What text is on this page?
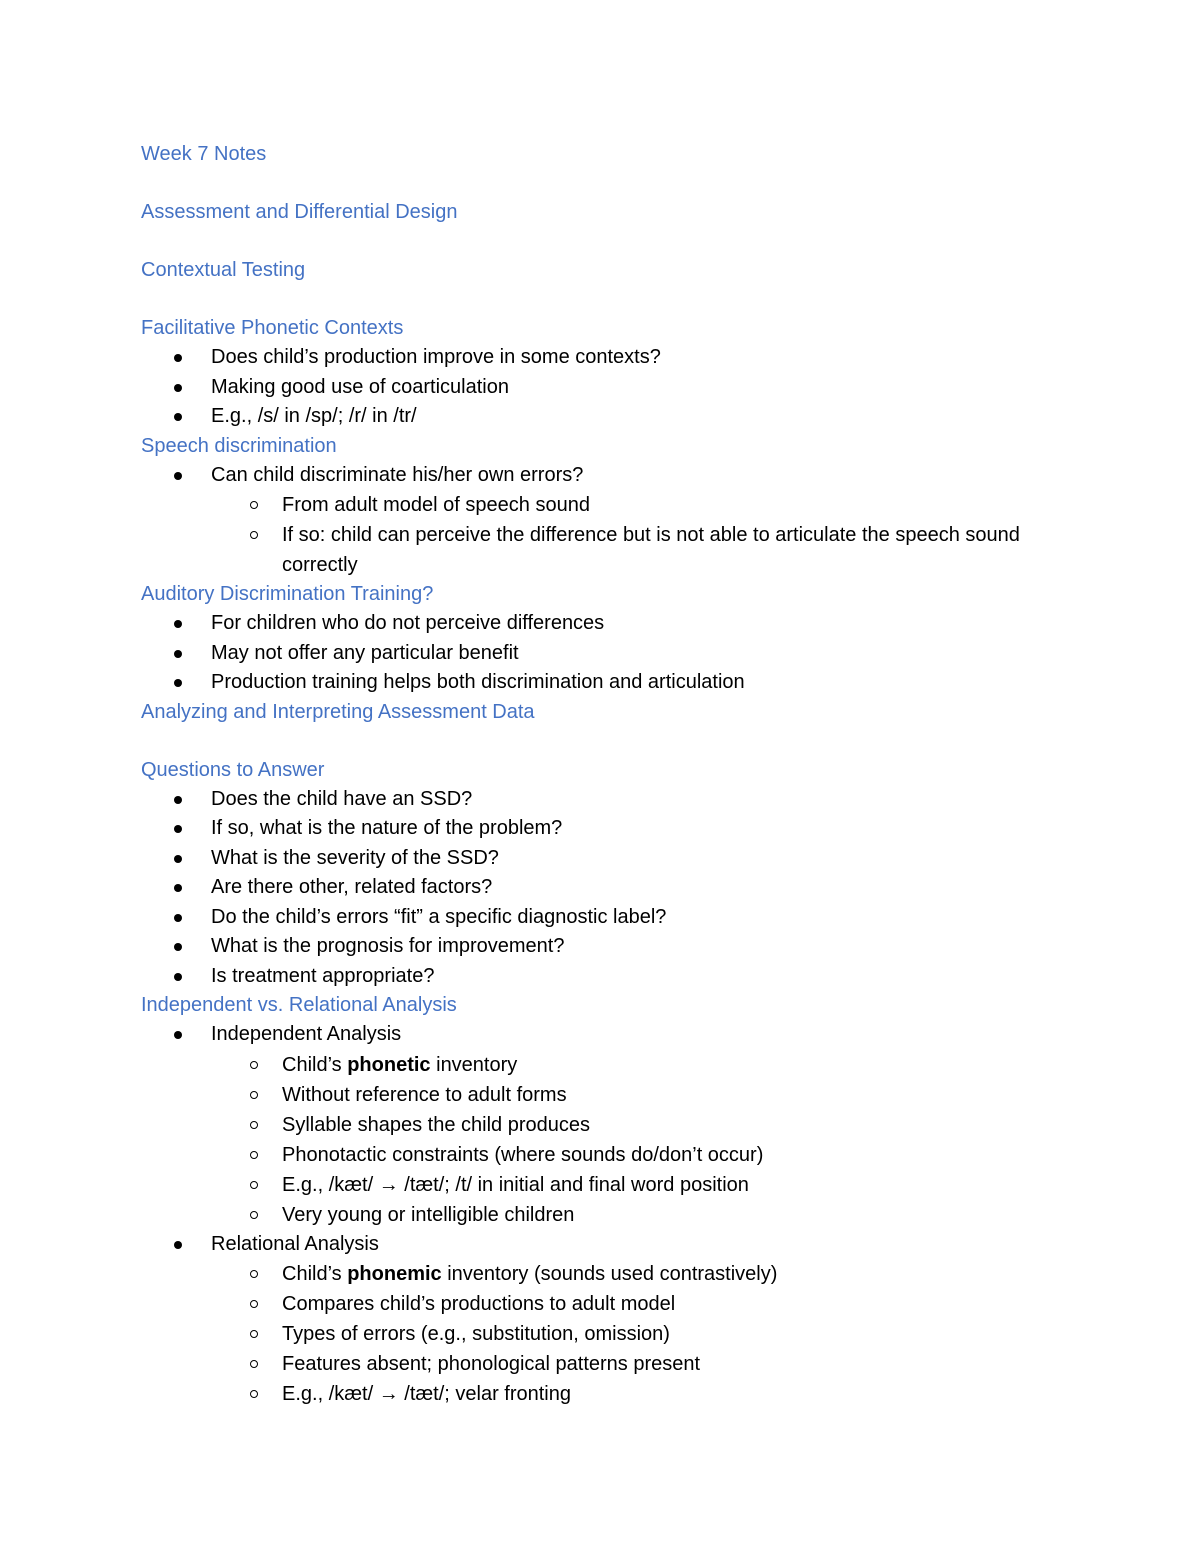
Week 7 Notes
Assessment and Differential Design
Contextual Testing
Facilitative Phonetic Contexts
Does child’s production improve in some contexts?
Making good use of coarticulation
E.g., /s/ in /sp/; /r/ in /tr/
Speech discrimination
Can child discriminate his/her own errors?
From adult model of speech sound
If so: child can perceive the difference but is not able to articulate the speech sound correctly
Auditory Discrimination Training?
For children who do not perceive differences
May not offer any particular benefit
Production training helps both discrimination and articulation
Analyzing and Interpreting Assessment Data
Questions to Answer
Does the child have an SSD?
If so, what is the nature of the problem?
What is the severity of the SSD?
Are there other, related factors?
Do the child’s errors “fit” a specific diagnostic label?
What is the prognosis for improvement?
Is treatment appropriate?
Independent vs. Relational Analysis
Independent Analysis
Child’s phonetic inventory
Without reference to adult forms
Syllable shapes the child produces
Phonotactic constraints (where sounds do/don’t occur)
E.g., /kæt/ → /tæt/; /t/ in initial and final word position
Very young or intelligible children
Relational Analysis
Child’s phonemic inventory (sounds used contrastively)
Compares child’s productions to adult model
Types of errors (e.g., substitution, omission)
Features absent; phonological patterns present
E.g., /kæt/ → /tæt/; velar fronting
